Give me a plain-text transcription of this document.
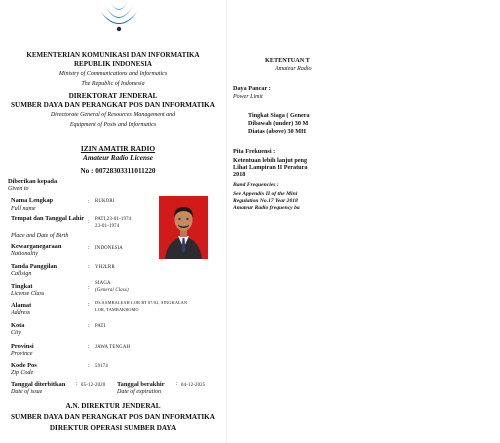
KEMENTERIAN KOMUNIKASI DAN INFORMATIKA
REPUBLIK INDONESIA
Ministry of Communications and Informatics
The Republic of Indonesia
DIREKTORAT JENDERAL
SUMBER DAYA DAN PERANGKAT POS DAN INFORMATIKA
Directorate General of Resources Management and
Equipment of Posts and Informatics
IZIN AMATIR RADIO
Amateur Radio License
No : 00728303311011220
Diberikan kepada
Given to
Nama Lengkap
Full name
: RUKORI
Tempat dan Tanggal Lahir
Place and Date of Birth
: PATI,23-01-1974
23-01-1974
Kewarganegaraan
Nationality
: INDONESIA
Tanda Panggilan
Callsign
: YH2LRR
Tingkat
License Class
:
SIAGA
(General Class)
Alamat
Address
: DS.SAMBALEAH LOR RT 07/02, SINGKALAN
LOR, TAMBAKROMO
Kota
City
: PATI
Provinsi
Province
: JAWA TENGAH
Kode Pos
Zip Code
: 59174
Tanggal diterbitkan : 05-12-2020
Date of issue
Tanggal berakhir : 04-12-2025
Date of expiration
A.N. DIREKTUR JENDERAL
SUMBER DAYA DAN PERANGKAT POS DAN INFORMATIKA
DIREKTUR OPERASI SUMBER DAYA
KETENTUAN T
Amateur Radio
Daya Pancar :
Power Limit
Tingkat Siaga ( Genera
Dibawah (under) 30 M
Diatas (above) 30 MH
Pita Frekuensi :
Ketentuan lebih lanjut peng
Lihat Lampiran II Peratura
2018
Band Frequencies :
See Appendix II of the Mini
Regulation No.17 Year 2018
Amateur Radio frequency ba
